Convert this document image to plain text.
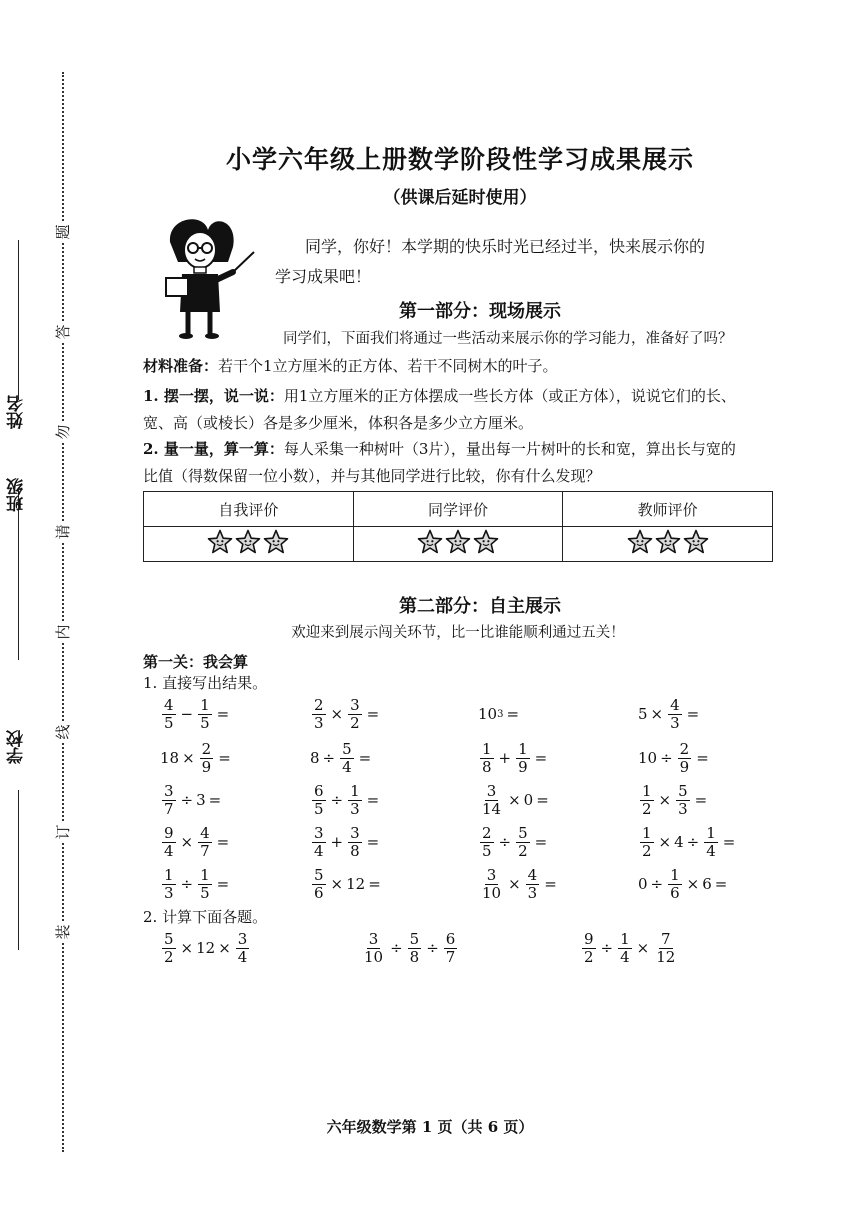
姓名
班级
学校
题
答
勿
请
内
线
订
装
小学六年级上册数学阶段性学习成果展示
（供课后延时使用）
同学，你好！本学期的快乐时光已经过半，快来展示你的
学习成果吧！
第一部分：现场展示
同学们，下面我们将通过一些活动来展示你的学习能力，准备好了吗？
材料准备：若干个1立方厘米的正方体、若干不同树木的叶子。
1. 摆一摆，说一说：用1立方厘米的正方体摆成一些长方体（或正方体），说说它们的长、
宽、高（或棱长）各是多少厘米，体积各是多少立方厘米。
2. 量一量，算一算：每人采集一种树叶（3片），量出每一片树叶的长和宽，算出长与宽的
比值（得数保留一位小数），并与其他同学进行比较，你有什么发现？
自我评价	同学评价	教师评价

第二部分：自主展示
欢迎来到展示闯关环节，比一比谁能顺利通过五关！
第一关：我会算
1. 直接写出结果。
$\frac{4}{5} - \frac{1}{5}$ =	$\frac{2}{3} \times \frac{3}{2}$ =	10 3 =	$5 \times \frac{4}{3}$ =
$18 \times \frac{2}{9}$ =	$8 \div \frac{5}{4}$ =	$\frac{1}{8} + \frac{1}{9}$ =	$10 \div \frac{2}{9}$ =
$\frac{3}{7} \div 3$ =	$\frac{6}{5} \div \frac{1}{3}$ =	$\frac{3}{14} \times 0$ =	$\frac{1}{2} \times \frac{5}{3}$ =
$\frac{9}{4} \times \frac{4}{7}$ =	$\frac{3}{4} + \frac{3}{8}$ =	$\frac{2}{5} \div \frac{5}{2}$ =	$\frac{1}{2} \times 4 \div \frac{1}{4}$ =
$\frac{1}{3} \div \frac{1}{5}$ =	$\frac{5}{6} \times 12$ =	$\frac{3}{10} \times \frac{4}{3}$ =	$0 \div \frac{1}{6} \times 6$ =
2. 计算下面各题。
$\frac{5}{2} \times 12 \times \frac{3}{4}$	$\frac{3}{10} \div \frac{5}{8} \div \frac{6}{7}$	$\frac{9}{2} \div \frac{1}{4} \times \frac{7}{12}$
六年级数学第 1 页（共 6 页）
